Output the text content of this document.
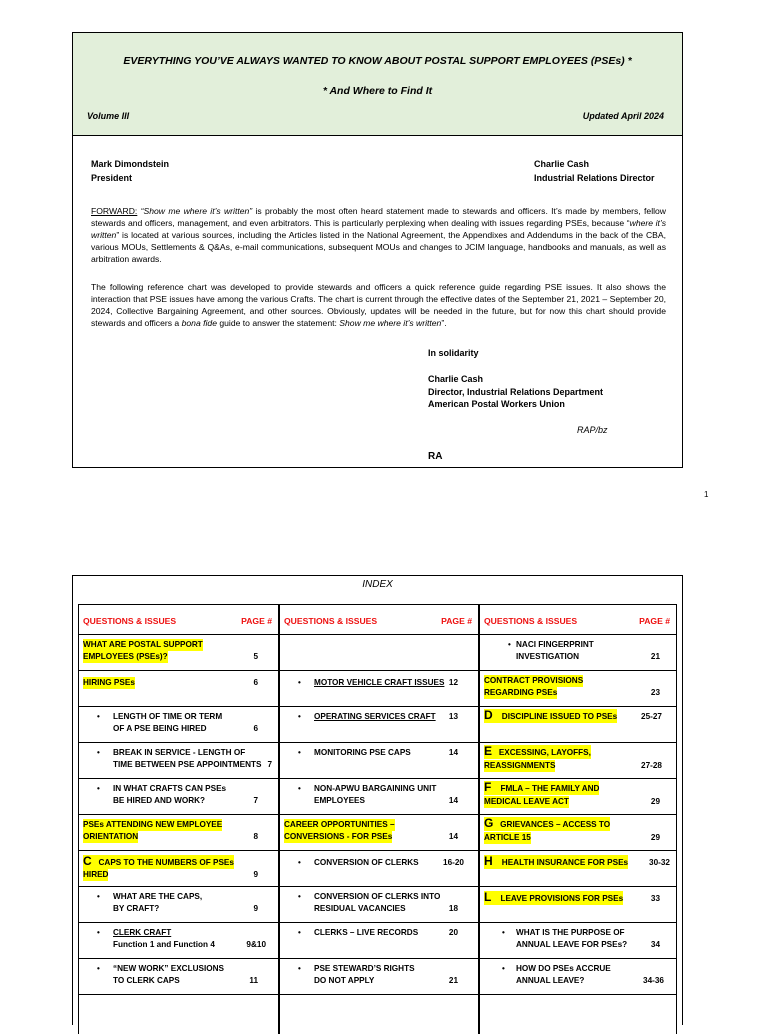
EVERYTHING YOU’VE ALWAYS WANTED TO KNOW ABOUT POSTAL SUPPORT EMPLOYEES (PSEs) *
* And Where to Find It
Volume III	Updated April 2024
Mark Dimondstein
President
Charlie Cash
Industrial Relations Director
FORWARD: “Show me where it’s written” is probably the most often heard statement made to stewards and officers. It’s made by members, fellow stewards and officers, management, and even arbitrators. This is particularly perplexing when dealing with issues regarding PSEs, because “where it’s written” is located at various sources, including the Articles listed in the National Agreement, the Appendixes and Addendums in the back of the CBA, various MOUs, Settlements & Q&As, e-mail communications, subsequent MOUs and changes to JCIM language, handbooks and manuals, as well as arbitration awards.
The following reference chart was developed to provide stewards and officers a quick reference guide regarding PSE issues. It also shows the interaction that PSE issues have among the various Crafts. The chart is current through the effective dates of the September 21, 2021 – September 20, 2024, Collective Bargaining Agreement, and other sources. Obviously, updates will be needed in the future, but for now this chart should provide stewards and officers a bona fide guide to answer the statement: Show me where it’s written”.
In solidarity
Charlie Cash
Director, Industrial Relations Department
American Postal Workers Union
RAP/bz
RA
1
INDEX
QUESTIONS & ISSUES	PAGE #
WHAT ARE POSTAL SUPPORT
EMPLOYEES (PSEs)?	5
HIRING PSEs	6
• LENGTH OF TIME OR TERM
OF A PSE BEING HIRED	6
• BREAK IN SERVICE - LENGTH OF
TIME BETWEEN PSE APPOINTMENTS 7
• IN WHAT CRAFTS CAN PSEs
BE HIRED AND WORK?	7
PSEs ATTENDING NEW EMPLOYEE
ORIENTATION	8
C CAPS TO THE NUMBERS OF PSEs
HIRED	9
• WHAT ARE THE CAPS,
BY CRAFT?	9
• CLERK CRAFT
Function 1 and Function 4	9&10
• “NEW WORK” EXCLUSIONS
TO CLERK CAPS	11
QUESTIONS & ISSUES	PAGE #
• MOTOR VEHICLE CRAFT ISSUES 12
• OPERATING SERVICES CRAFT 13
• MONITORING PSE CAPS	14
• NON-APWU BARGAINING UNIT
EMPLOYEES	14
CAREER OPPORTUNITIES –
CONVERSIONS - FOR PSEs	14
• CONVERSION OF CLERKS	16-20
• CONVERSION OF CLERKS INTO
RESIDUAL VACANCIES	18
• CLERKS – LIVE RECORDS	20
• PSE STEWARD’S RIGHTS
DO NOT APPLY	21
QUESTIONS & ISSUES	PAGE #
• NACI FINGERPRINT
INVESTIGATION	21
CONTRACT PROVISIONS
REGARDING PSEs	23
D DISCIPLINE ISSUED TO PSEs	25-27
E EXCESSING, LAYOFFS,
REASSIGNMENTS	27-28
F FMLA – THE FAMILY AND
MEDICAL LEAVE ACT	29
G GRIEVANCES – ACCESS TO
ARTICLE 15	29
H HEALTH INSURANCE FOR PSEs	30-32
L LEAVE PROVISIONS FOR PSEs	33
• WHAT IS THE PURPOSE OF
ANNUAL LEAVE FOR PSEs?	34
• HOW DO PSEs ACCRUE
ANNUAL LEAVE?	34-36
